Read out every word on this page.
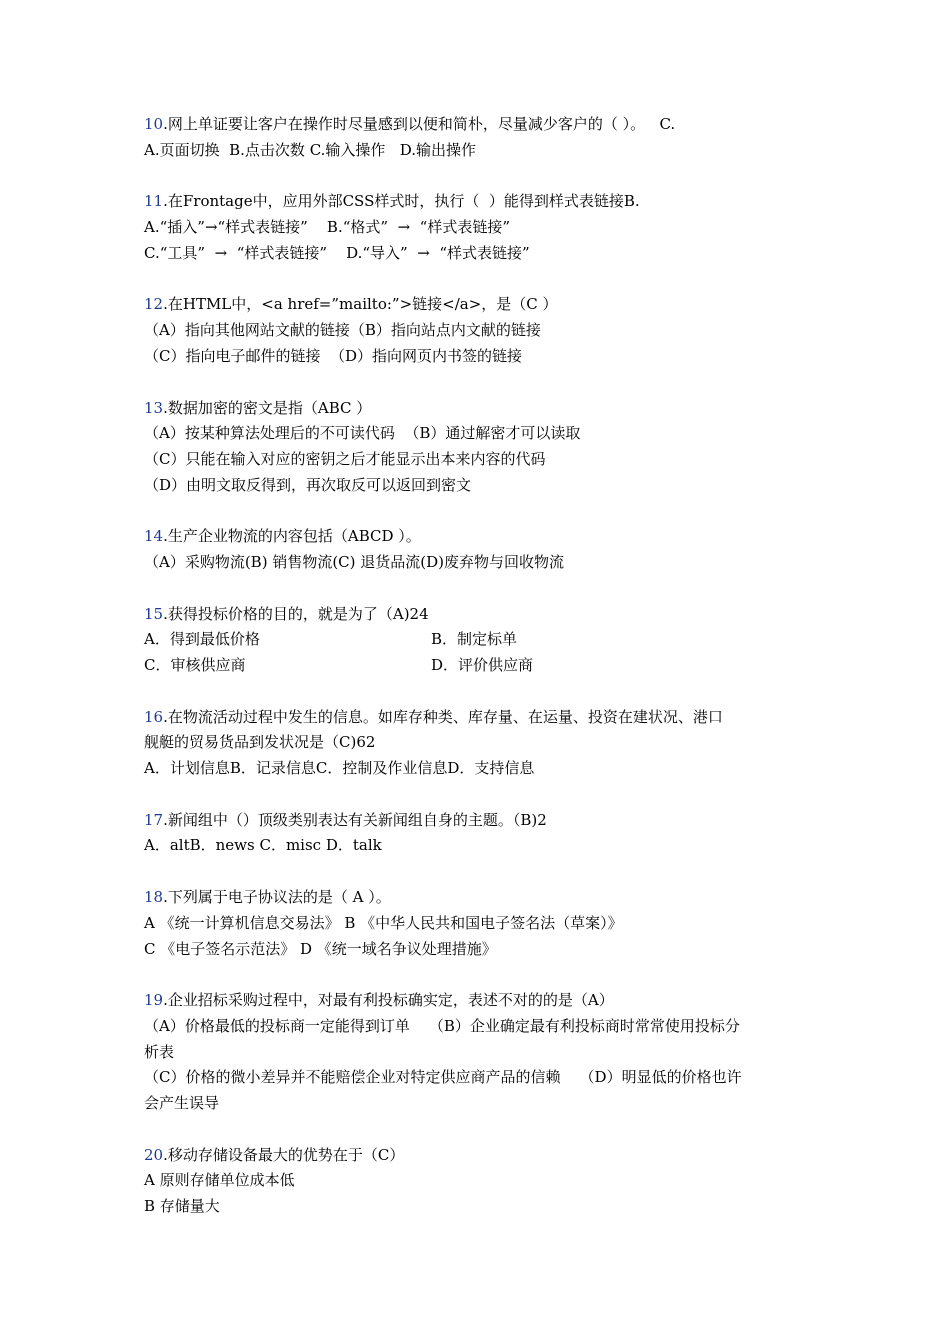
10.网上单证要让客户在操作时尽量感到以便和简朴，尽量减少客户的（ ）。   C.
A.页面切换  B.点击次数 C.输入操作   D.输出操作
11.在Frontage中，应用外部CSS样式时，执行（  ）能得到样式表链接B.
A.“插入”→“样式表链接”    B.“格式”  →  “样式表链接”
C.“工具”  →  “样式表链接”    D.“导入”  →  “样式表链接”
12.在HTML中，<a href=”mailto:”>链接</a>，是（C ）
（A）指向其他网站文献的链接（B）指向站点内文献的链接
（C）指向电子邮件的链接  （D）指向网页内书签的链接
13.数据加密的密文是指（ABC ）
（A）按某种算法处理后的不可读代码  （B）通过解密才可以读取
（C）只能在输入对应的密钥之后才能显示出本来内容的代码
（D）由明文取反得到，再次取反可以返回到密文
14.生产企业物流的内容包括（ABCD ）。
（A）采购物流(B) 销售物流(C) 退货品流(D)废弃物与回收物流
15.获得投标价格的目的，就是为了（A)24
A．得到最低价格	B．制定标单
C．审核供应商	D．评价供应商
16.在物流活动过程中发生的信息。如库存种类、库存量、在运量、投资在建状况、港口
舰艇的贸易货品到发状况是（C)62
A．计划信息B．记录信息C．控制及作业信息D．支持信息
17.新闻组中（）顶级类别表达有关新闻组自身的主题。（B)2
A．altB．news C．misc D．talk
18.下列属于电子协议法的是（ A ）。
A 《统一计算机信息交易法》 B 《中华人民共和国电子签名法（草案）》
C 《电子签名示范法》 D 《统一域名争议处理措施》
19.企业招标采购过程中，对最有利投标确实定，表述不对的的是（A）
（A）价格最低的投标商一定能得到订单    （B）企业确定最有利投标商时常常使用投标分
析表
（C）价格的微小差异并不能赔偿企业对特定供应商产品的信赖    （D）明显低的价格也许
会产生误导
20.移动存储设备最大的优势在于（C）
A 原则存储单位成本低
B 存储量大
